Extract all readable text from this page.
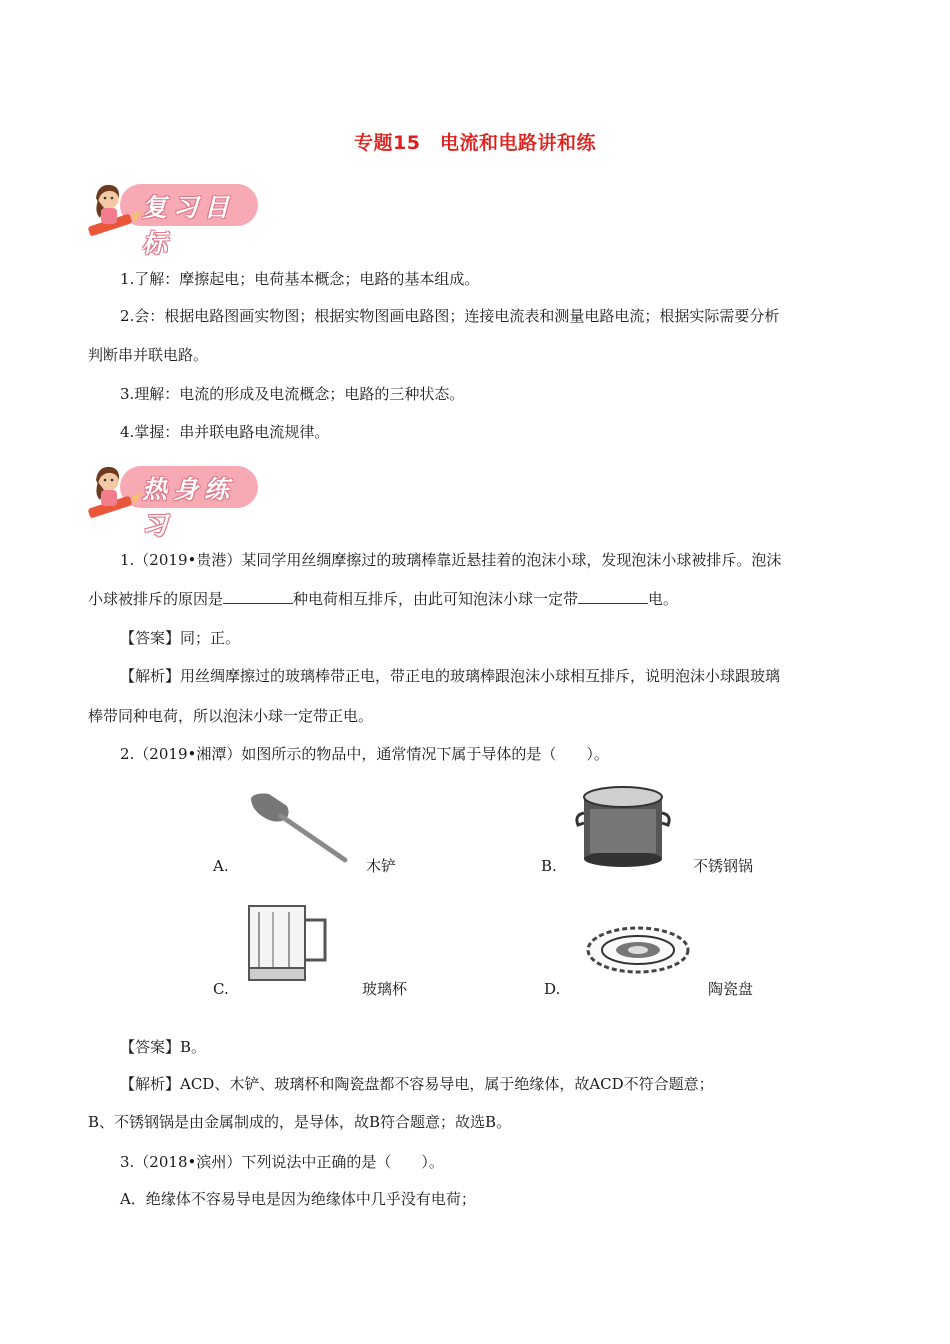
专题15　电流和电路讲和练
复习目标
1.了解：摩擦起电；电荷基本概念；电路的基本组成。
2.会：根据电路图画实物图；根据实物图画电路图；连接电流表和测量电路电流；根据实际需要分析
判断串并联电路。
3.理解：电流的形成及电流概念；电路的三种状态。
4.掌握：串并联电路电流规律。
热身练习
1.（2019•贵港）某同学用丝绸摩擦过的玻璃棒靠近悬挂着的泡沫小球，发现泡沫小球被排斥。泡沫
小球被排斥的原因是	种电荷相互排斥，由此可知泡沫小球一定带	电。
【答案】同；正。
【解析】用丝绸摩擦过的玻璃棒带正电，带正电的玻璃棒跟泡沫小球相互排斥，说明泡沫小球跟玻璃
棒带同种电荷，所以泡沫小球一定带正电。
2.（2019•湘潭）如图所示的物品中，通常情况下属于导体的是（　　）。
A.	木铲	B.	不锈钢锅
C.	玻璃杯	D.	陶瓷盘
【答案】B。
【解析】ACD、木铲、玻璃杯和陶瓷盘都不容易导电，属于绝缘体，故ACD不符合题意；
B、不锈钢锅是由金属制成的，是导体，故B符合题意；故选B。
3.（2018•滨州）下列说法中正确的是（　　）。
A．绝缘体不容易导电是因为绝缘体中几乎没有电荷；
